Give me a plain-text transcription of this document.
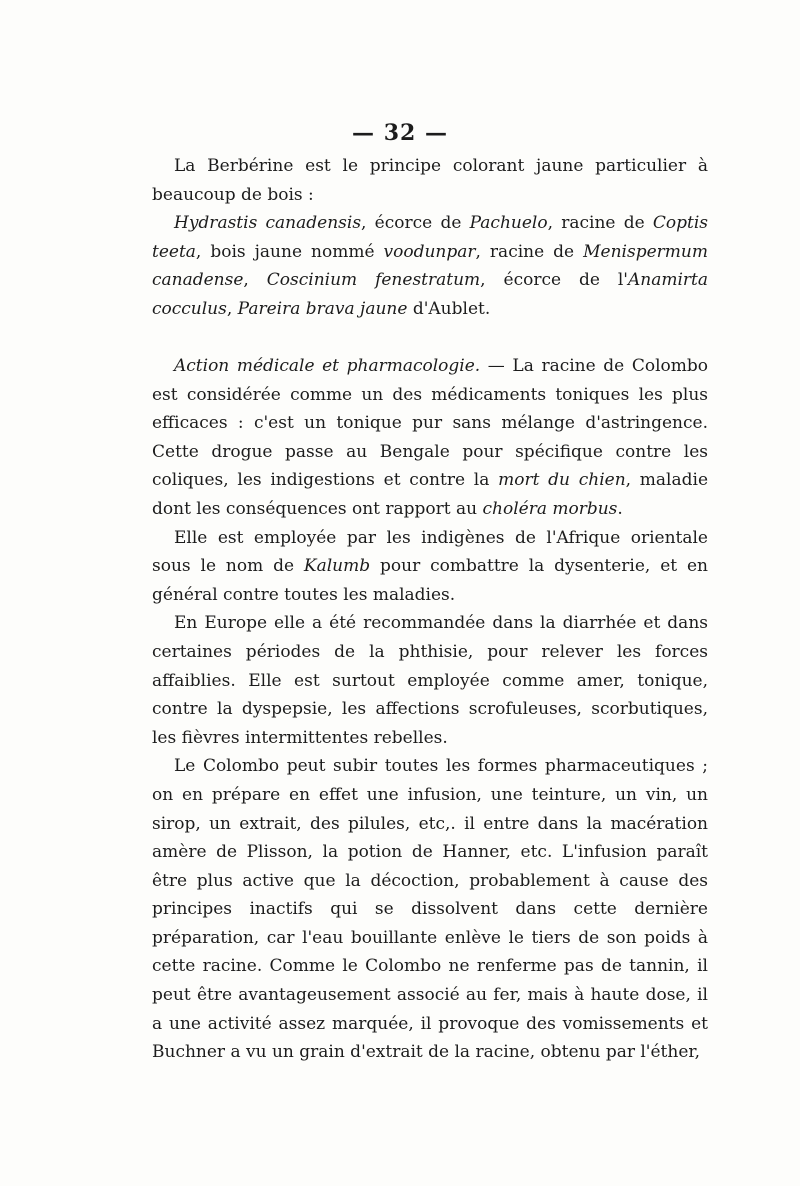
— 32 —

La Berbérine est le principe colorant jaune particulier à beaucoup de bois :

Hydrastis canadensis, écorce de Pachuelo, racine de Coptis teeta, bois jaune nommé voodunpar, racine de Menispermum canadense, Coscinium fenestratum, écorce de l'Anamirta cocculus, Pareira brava jaune d'Aublet.

Action médicale et pharmacologie. — La racine de Colombo est considérée comme un des médicaments toniques les plus efficaces : c'est un tonique pur sans mélange d'astringence. Cette drogue passe au Bengale pour spécifique contre les coliques, les indigestions et contre la mort du chien, maladie dont les conséquences ont rapport au choléra morbus.

Elle est employée par les indigènes de l'Afrique orientale sous le nom de Kalumb pour combattre la dysenterie, et en général contre toutes les maladies.

En Europe elle a été recommandée dans la diarrhée et dans certaines périodes de la phthisie, pour relever les forces affaiblies. Elle est surtout employée comme amer, tonique, contre la dyspepsie, les affections scrofuleuses, scorbutiques, les fièvres intermittentes rebelles.

Le Colombo peut subir toutes les formes pharmaceutiques ; on en prépare en effet une infusion, une teinture, un vin, un sirop, un extrait, des pilules, etc,. il entre dans la macération amère de Plisson, la potion de Hanner, etc. L'infusion paraît être plus active que la décoction, probablement à cause des principes inactifs qui se dissolvent dans cette dernière préparation, car l'eau bouillante enlève le tiers de son poids à cette racine. Comme le Colombo ne renferme pas de tannin, il peut être avantageusement associé au fer, mais à haute dose, il a une activité assez marquée, il provoque des vomissements et Buchner a vu un grain d'extrait de la racine, obtenu par l'éther,
